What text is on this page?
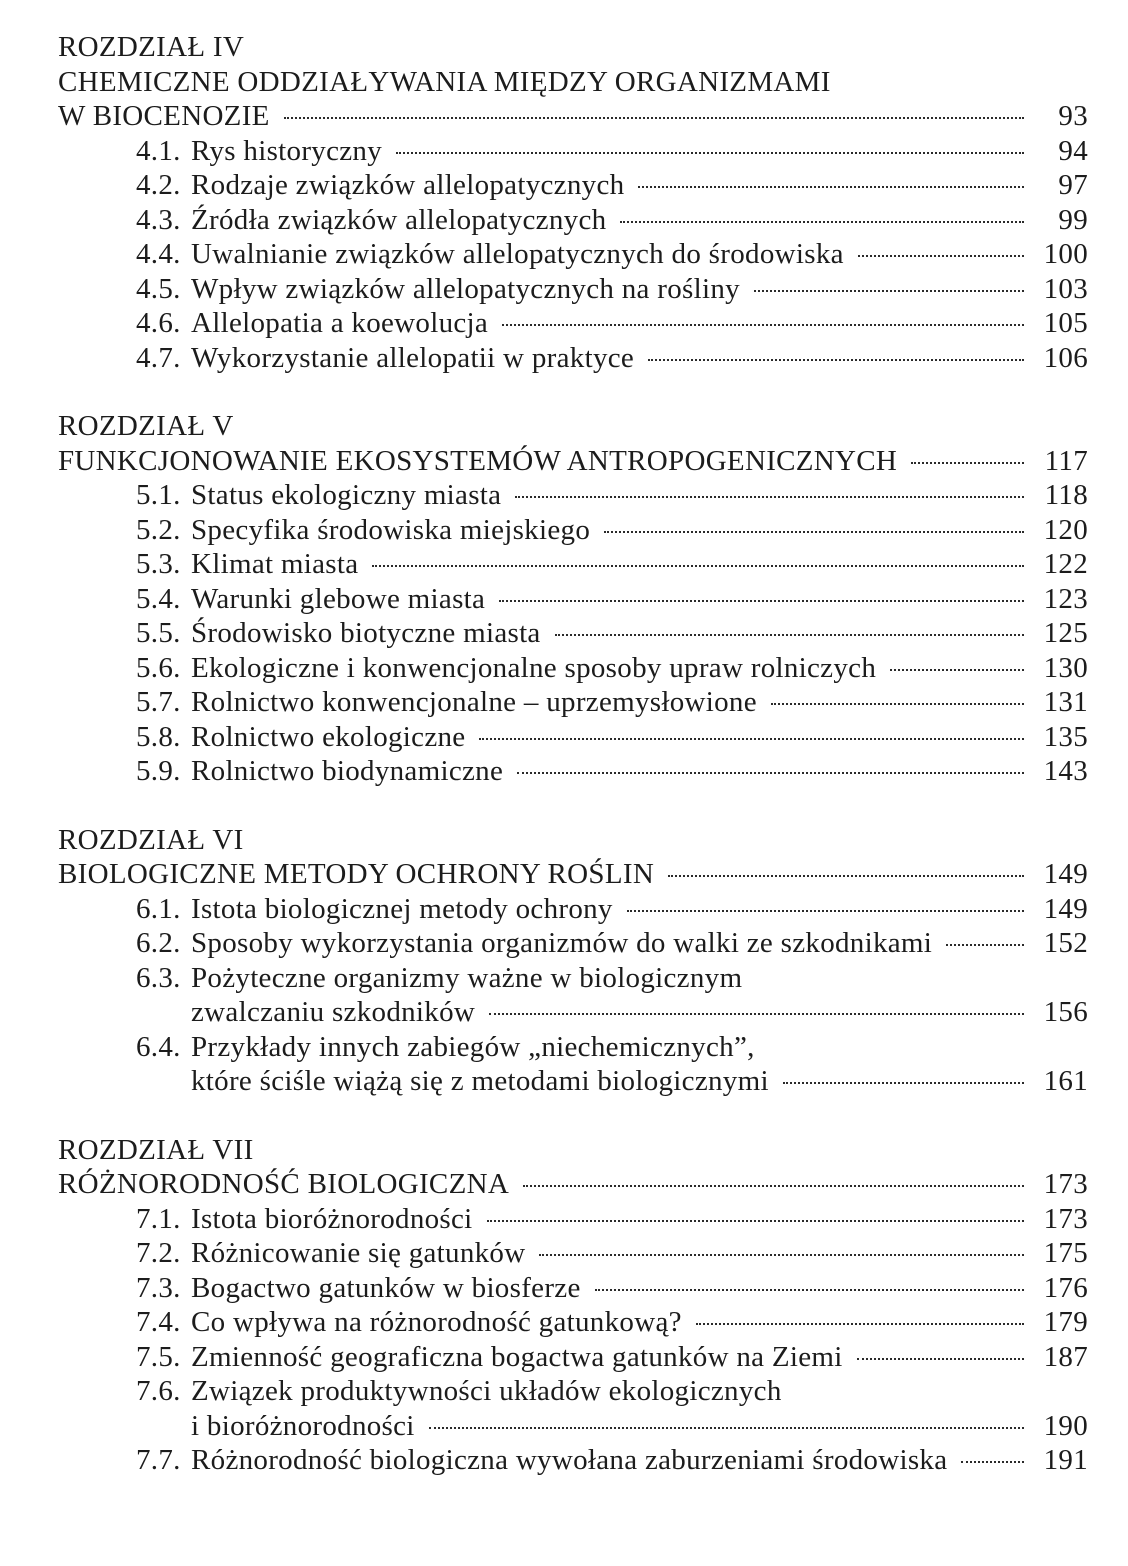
ROZDZIAŁ IV
CHEMICZNE ODDZIAŁYWANIA MIĘDZY ORGANIZMAMI
W BIOCENOZIE	93
4.1. Rys historyczny	94
4.2. Rodzaje związków allelopatycznych	97
4.3. Źródła związków allelopatycznych	99
4.4. Uwalnianie związków allelopatycznych do środowiska	100
4.5. Wpływ związków allelopatycznych na rośliny	103
4.6. Allelopatia a koewolucja	105
4.7. Wykorzystanie allelopatii w praktyce	106
ROZDZIAŁ V
FUNKCJONOWANIE EKOSYSTEMÓW ANTROPOGENICZNYCH	117
5.1. Status ekologiczny miasta	118
5.2. Specyfika środowiska miejskiego	120
5.3. Klimat miasta	122
5.4. Warunki glebowe miasta	123
5.5. Środowisko biotyczne miasta	125
5.6. Ekologiczne i konwencjonalne sposoby upraw rolniczych	130
5.7. Rolnictwo konwencjonalne – uprzemysłowione	131
5.8. Rolnictwo ekologiczne	135
5.9. Rolnictwo biodynamiczne	143
ROZDZIAŁ VI
BIOLOGICZNE METODY OCHRONY ROŚLIN	149
6.1. Istota biologicznej metody ochrony	149
6.2. Sposoby wykorzystania organizmów do walki ze szkodnikami	152
6.3. Pożyteczne organizmy ważne w biologicznym
zwalczaniu szkodników	156
6.4. Przykłady innych zabiegów „niechemicznych”,
które ściśle wiążą się z metodami biologicznymi	161
ROZDZIAŁ VII
RÓŻNORODNOŚĆ BIOLOGICZNA	173
7.1. Istota bioróżnorodności	173
7.2. Różnicowanie się gatunków	175
7.3. Bogactwo gatunków w biosferze	176
7.4. Co wpływa na różnorodność gatunkową?	179
7.5. Zmienność geograficzna bogactwa gatunków na Ziemi	187
7.6. Związek produktywności układów ekologicznych
i bioróżnorodności	190
7.7. Różnorodność biologiczna wywołana zaburzeniami środowiska	191
